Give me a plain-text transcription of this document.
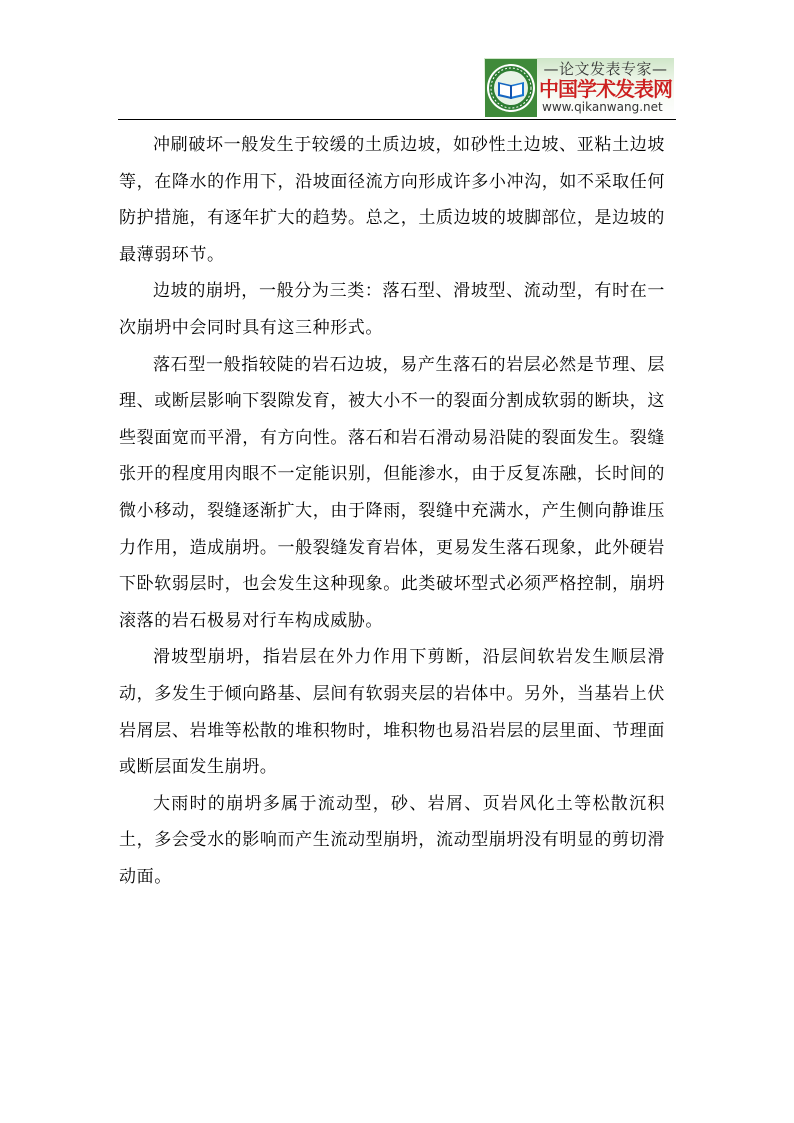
—论文发表专家—
中国学术发表网
www.qikanwang.net

冲刷破坏一般发生于较缓的土质边坡，如砂性土边坡、亚粘土边坡等，在降水的作用下，沿坡面径流方向形成许多小冲沟，如不采取任何防护措施，有逐年扩大的趋势。总之，土质边坡的坡脚部位，是边坡的最薄弱环节。

边坡的崩坍，一般分为三类：落石型、滑坡型、流动型，有时在一次崩坍中会同时具有这三种形式。

落石型一般指较陡的岩石边坡，易产生落石的岩层必然是节理、层理、或断层影响下裂隙发育，被大小不一的裂面分割成软弱的断块，这些裂面宽而平滑，有方向性。落石和岩石滑动易沿陡的裂面发生。裂缝张开的程度用肉眼不一定能识别，但能渗水，由于反复冻融，长时间的微小移动，裂缝逐渐扩大，由于降雨，裂缝中充满水，产生侧向静谁压力作用，造成崩坍。一般裂缝发育岩体，更易发生落石现象，此外硬岩下卧软弱层时，也会发生这种现象。此类破坏型式必须严格控制，崩坍滚落的岩石极易对行车构成威胁。

滑坡型崩坍，指岩层在外力作用下剪断，沿层间软岩发生顺层滑动，多发生于倾向路基、层间有软弱夹层的岩体中。另外，当基岩上伏岩屑层、岩堆等松散的堆积物时，堆积物也易沿岩层的层里面、节理面或断层面发生崩坍。

大雨时的崩坍多属于流动型，砂、岩屑、页岩风化土等松散沉积土，多会受水的影响而产生流动型崩坍，流动型崩坍没有明显的剪切滑动面。
